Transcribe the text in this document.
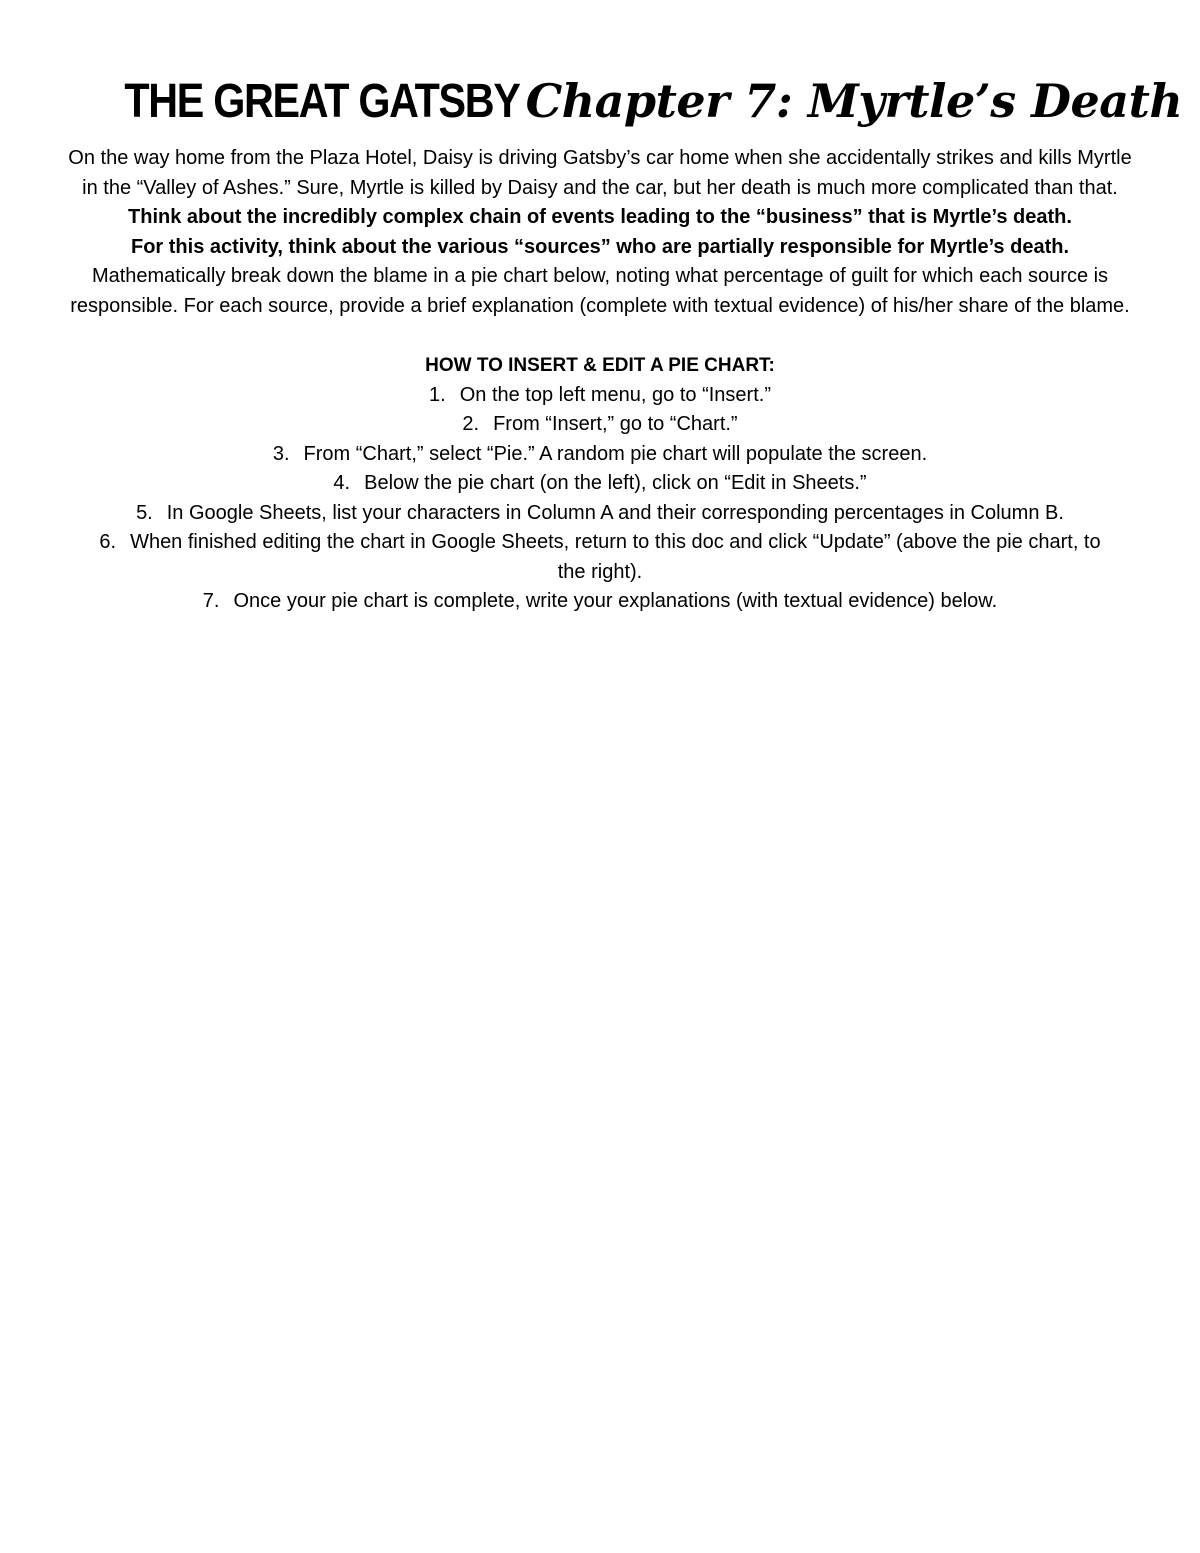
THE GREAT GATSBY Chapter 7: Myrtle’s Death

On the way home from the Plaza Hotel, Daisy is driving Gatsby’s car home when she accidentally strikes and kills Myrtle in the “Valley of Ashes.” Sure, Myrtle is killed by Daisy and the car, but her death is much more complicated than that. Think about the incredibly complex chain of events leading to the “business” that is Myrtle’s death.
For this activity, think about the various “sources” who are partially responsible for Myrtle’s death.
Mathematically break down the blame in a pie chart below, noting what percentage of guilt for which each source is responsible. For each source, provide a brief explanation (complete with textual evidence) of his/her share of the blame.

HOW TO INSERT & EDIT A PIE CHART:
1. On the top left menu, go to “Insert.”
2. From “Insert,” go to “Chart.”
3. From “Chart,” select “Pie.” A random pie chart will populate the screen.
4. Below the pie chart (on the left), click on “Edit in Sheets.”
5. In Google Sheets, list your characters in Column A and their corresponding percentages in Column B.
6. When finished editing the chart in Google Sheets, return to this doc and click “Update” (above the pie chart, to the right).
7. Once your pie chart is complete, write your explanations (with textual evidence) below.
